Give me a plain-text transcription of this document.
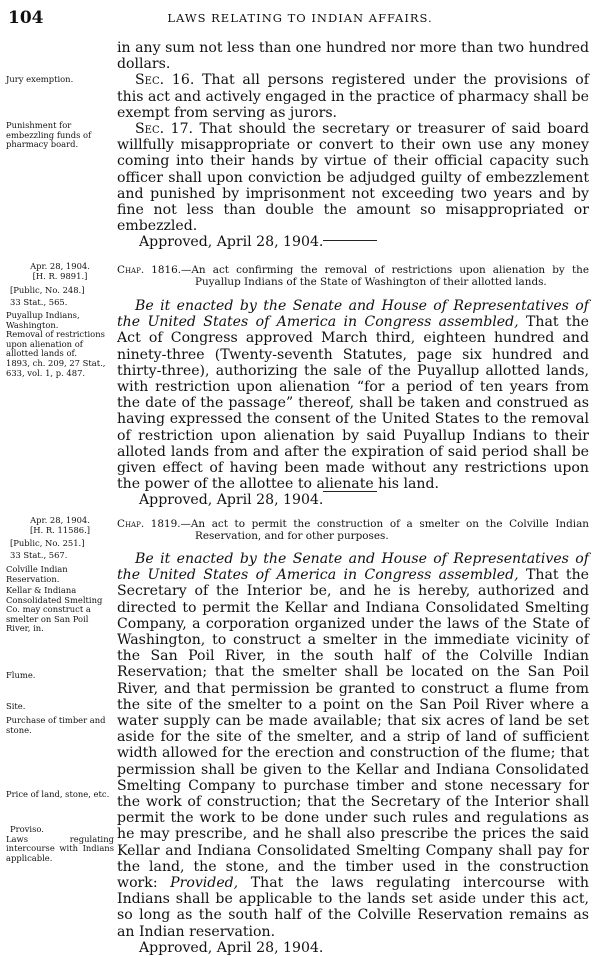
104	LAWS RELATING TO INDIAN AFFAIRS.

in any sum not less than one hundred nor more than two hundred dollars.

Sec. 16. That all persons registered under the provisions of this act and actively engaged in the practice of pharmacy shall be exempt from serving as jurors.

Sec. 17. That should the secretary or treasurer of said board willfully misappropriate or convert to their own use any money coming into their hands by virtue of their official capacity such officer shall upon conviction be adjudged guilty of embezzlement and punished by imprisonment not exceeding two years and by fine not less than double the amount so misappropriated or embezzled.

Approved, April 28, 1904.

Jury exemption.
Punishment for embezzling funds of pharmacy board.
Apr. 28, 1904.
[H. R. 9891.]
[Public, No. 248.]
33 Stat., 565.
Chap. 1816.—An act confirming the removal of restrictions upon alienation by the Puyallup Indians of the State of Washington of their allotted lands.

Be it enacted by the Senate and House of Representatives of the United States of America in Congress assembled, That the Act of Congress approved March third, eighteen hundred and ninety-three (Twenty-seventh Statutes, page six hundred and thirty-three), authorizing the sale of the Puyallup allotted lands, with restriction upon alienation “for a period of ten years from the date of the passage” thereof, shall be taken and construed as having expressed the consent of the United States to the removal of restriction upon alienation by said Puyallup Indians to their alloted lands from and after the expiration of said period shall be given effect of having been made without any restrictions upon the power of the allottee to alienate his land.

Approved, April 28, 1904.

Puyallup Indians, Washington.
Removal of restrictions upon alienation of allotted lands of.
1893, ch. 209, 27 Stat., 633, vol. 1, p. 487.
Apr. 28, 1904.
[H. R. 11586.]
[Public, No. 251.]
33 Stat., 567.
Chap. 1819.—An act to permit the construction of a smelter on the Colville Indian Reservation, and for other purposes.

Be it enacted by the Senate and House of Representatives of the United States of America in Congress assembled, That the Secretary of the Interior be, and he is hereby, authorized and directed to permit the Kellar and Indiana Consolidated Smelting Company, a corporation organized under the laws of the State of Washington, to construct a smelter in the immediate vicinity of the San Poil River, in the south half of the Colville Indian Reservation; that the smelter shall be located on the San Poil River, and that permission be granted to construct a flume from the site of the smelter to a point on the San Poil River where a water supply can be made available; that six acres of land be set aside for the site of the smelter, and a strip of land of sufficient width allowed for the erection and construction of the flume; that permission shall be given to the Kellar and Indiana Consolidated Smelting Company to purchase timber and stone necessary for the work of construction; that the Secretary of the Interior shall permit the work to be done under such rules and regulations as he may prescribe, and he shall also prescribe the prices the said Kellar and Indiana Consolidated Smelting Company shall pay for the land, the stone, and the timber used in the construction work: Provided, That the laws regulating intercourse with Indians shall be applicable to the lands set aside under this act, so long as the south half of the Colville Reservation remains as an Indian reservation.

Approved, April 28, 1904.

Colville Indian Reservation.
Kellar & Indiana Consolidated Smelting Co. may construct a smelter on San Poil River, in.
Flume.
Site.
Purchase of timber and stone.
Price of land, stone, etc.
Proviso.
Laws regulating intercourse with Indians applicable.
